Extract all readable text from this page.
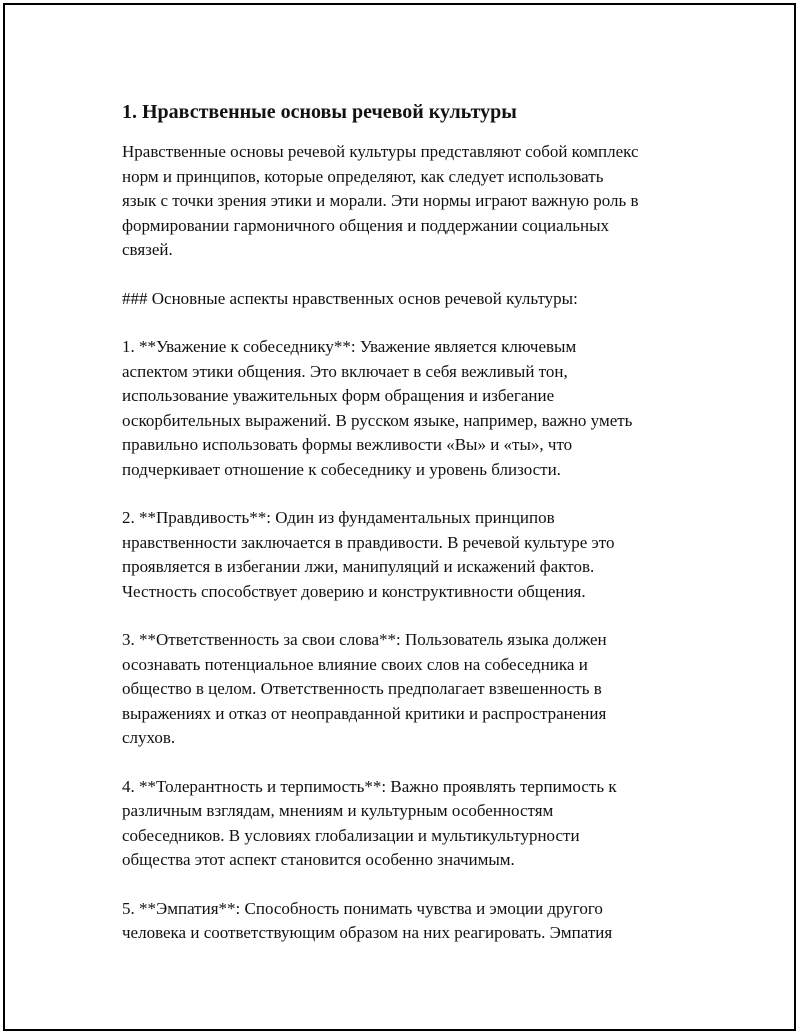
1. Нравственные основы речевой культуры

Нравственные основы речевой культуры представляют собой комплекс
норм и принципов, которые определяют, как следует использовать
язык с точки зрения этики и морали. Эти нормы играют важную роль в
формировании гармоничного общения и поддержании социальных
связей.

### Основные аспекты нравственных основ речевой культуры:

1. **Уважение к собеседнику**: Уважение является ключевым
аспектом этики общения. Это включает в себя вежливый тон,
использование уважительных форм обращения и избегание
оскорбительных выражений. В русском языке, например, важно уметь
правильно использовать формы вежливости «Вы» и «ты», что
подчеркивает отношение к собеседнику и уровень близости.

2. **Правдивость**: Один из фундаментальных принципов
нравственности заключается в правдивости. В речевой культуре это
проявляется в избегании лжи, манипуляций и искажений фактов.
Честность способствует доверию и конструктивности общения.

3. **Ответственность за свои слова**: Пользователь языка должен
осознавать потенциальное влияние своих слов на собеседника и
общество в целом. Ответственность предполагает взвешенность в
выражениях и отказ от неоправданной критики и распространения
слухов.

4. **Толерантность и терпимость**: Важно проявлять терпимость к
различным взглядам, мнениям и культурным особенностям
собеседников. В условиях глобализации и мультикультурности
общества этот аспект становится особенно значимым.

5. **Эмпатия**: Способность понимать чувства и эмоции другого
человека и соответствующим образом на них реагировать. Эмпатия
